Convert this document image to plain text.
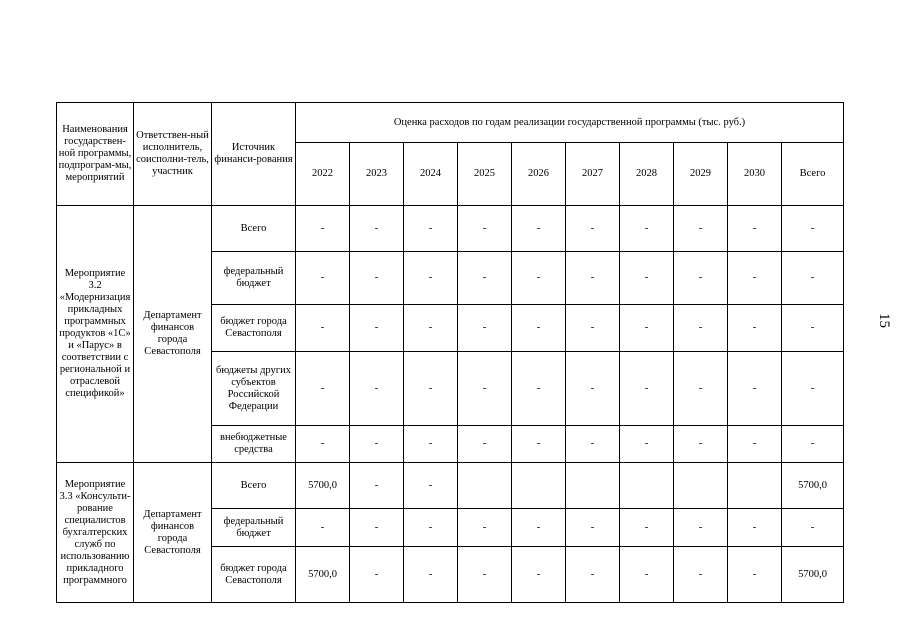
Наименования государствен-ной программы, подпрограм-мы, мероприятий	Ответствен-ный исполнитель, соисполни-тель, участник	Источник финанси-рования	Оценка расходов по годам реализации государственной программы (тыс. руб.)									
			2022	2023	2024	2025	2026	2027	2028	2029	2030	Всего
Мероприятие 3.2 «Модернизация прикладных программных продуктов «1С» и «Парус» в соответствии с региональной и отраслевой спецификой»	Департамент финансов города Севастополя	Всего	-	-	-	-	-	-	-	-	-	-
		федеральный бюджет	-	-	-	-	-	-	-	-	-	-
		бюджет города Севастополя	-	-	-	-	-	-	-	-	-	-
		бюджеты других субъектов Российской Федерации	-	-	-	-	-	-	-	-	-	-
		внебюджетные средства	-	-	-	-	-	-	-	-	-	-
Мероприятие 3.3 «Консульти-рование специалистов бухгалтерских служб по использованию прикладного программного	Департамент финансов города Севастополя	Всего	5700,0	-	-							5700,0
		федеральный бюджет	-	-	-	-	-	-	-	-	-	-
		бюджет города Севастополя	5700,0	-	-	-	-	-	-	-	-	5700,0
15
